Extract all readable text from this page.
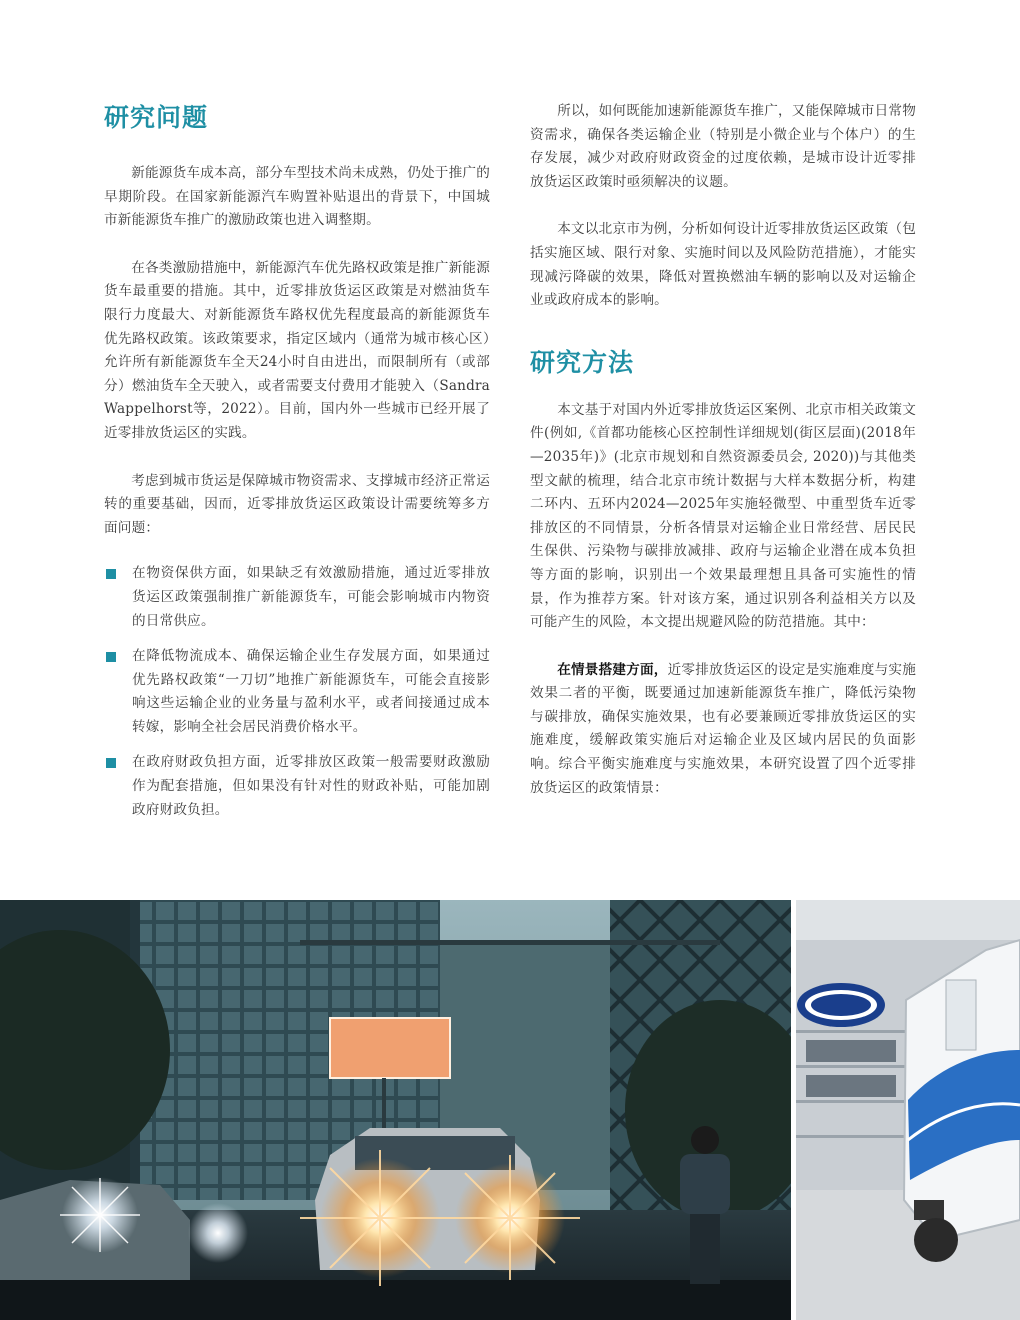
研究问题

新能源货车成本高，部分车型技术尚未成熟，仍处于推广的早期阶段。在国家新能源汽车购置补贴退出的背景下，中国城市新能源货车推广的激励政策也进入调整期。

在各类激励措施中，新能源汽车优先路权政策是推广新能源货车最重要的措施。其中，近零排放货运区政策是对燃油货车限行力度最大、对新能源货车路权优先程度最高的新能源货车优先路权政策。该政策要求，指定区域内（通常为城市核心区）允许所有新能源货车全天24小时自由进出，而限制所有（或部分）燃油货车全天驶入，或者需要支付费用才能驶入（Sandra Wappelhorst等，2022）。目前，国内外一些城市已经开展了近零排放货运区的实践。

考虑到城市货运是保障城市物资需求、支撑城市经济正常运转的重要基础，因而，近零排放货运区政策设计需要统筹多方面问题：

在物资保供方面，如果缺乏有效激励措施，通过近零排放货运区政策强制推广新能源货车，可能会影响城市内物资的日常供应。
在降低物流成本、确保运输企业生存发展方面，如果通过优先路权政策“一刀切”地推广新能源货车，可能会直接影响这些运输企业的业务量与盈利水平，或者间接通过成本转嫁，影响全社会居民消费价格水平。
在政府财政负担方面，近零排放区政策一般需要财政激励作为配套措施，但如果没有针对性的财政补贴，可能加剧政府财政负担。

所以，如何既能加速新能源货车推广，又能保障城市日常物资需求，确保各类运输企业（特别是小微企业与个体户）的生存发展，减少对政府财政资金的过度依赖，是城市设计近零排放货运区政策时亟须解决的议题。

本文以北京市为例，分析如何设计近零排放货运区政策（包括实施区域、限行对象、实施时间以及风险防范措施），才能实现减污降碳的效果，降低对置换燃油车辆的影响以及对运输企业或政府成本的影响。

研究方法

本文基于对国内外近零排放货运区案例、北京市相关政策文件(例如,《首都功能核心区控制性详细规划(街区层面)(2018年—2035年)》(北京市规划和自然资源委员会, 2020))与其他类型文献的梳理，结合北京市统计数据与大样本数据分析，构建二环内、五环内2024—2025年实施轻微型、中重型货车近零排放区的不同情景，分析各情景对运输企业日常经营、居民民生保供、污染物与碳排放减排、政府与运输企业潜在成本负担等方面的影响，识别出一个效果最理想且具备可实施性的情景，作为推荐方案。针对该方案，通过识别各利益相关方以及可能产生的风险，本文提出规避风险的防范措施。其中：

在情景搭建方面，近零排放货运区的设定是实施难度与实施效果二者的平衡，既要通过加速新能源货车推广，降低污染物与碳排放，确保实施效果，也有必要兼顾近零排放货运区的实施难度，缓解政策实施后对运输企业及区域内居民的负面影响。综合平衡实施难度与实施效果，本研究设置了四个近零排放货运区的政策情景：
